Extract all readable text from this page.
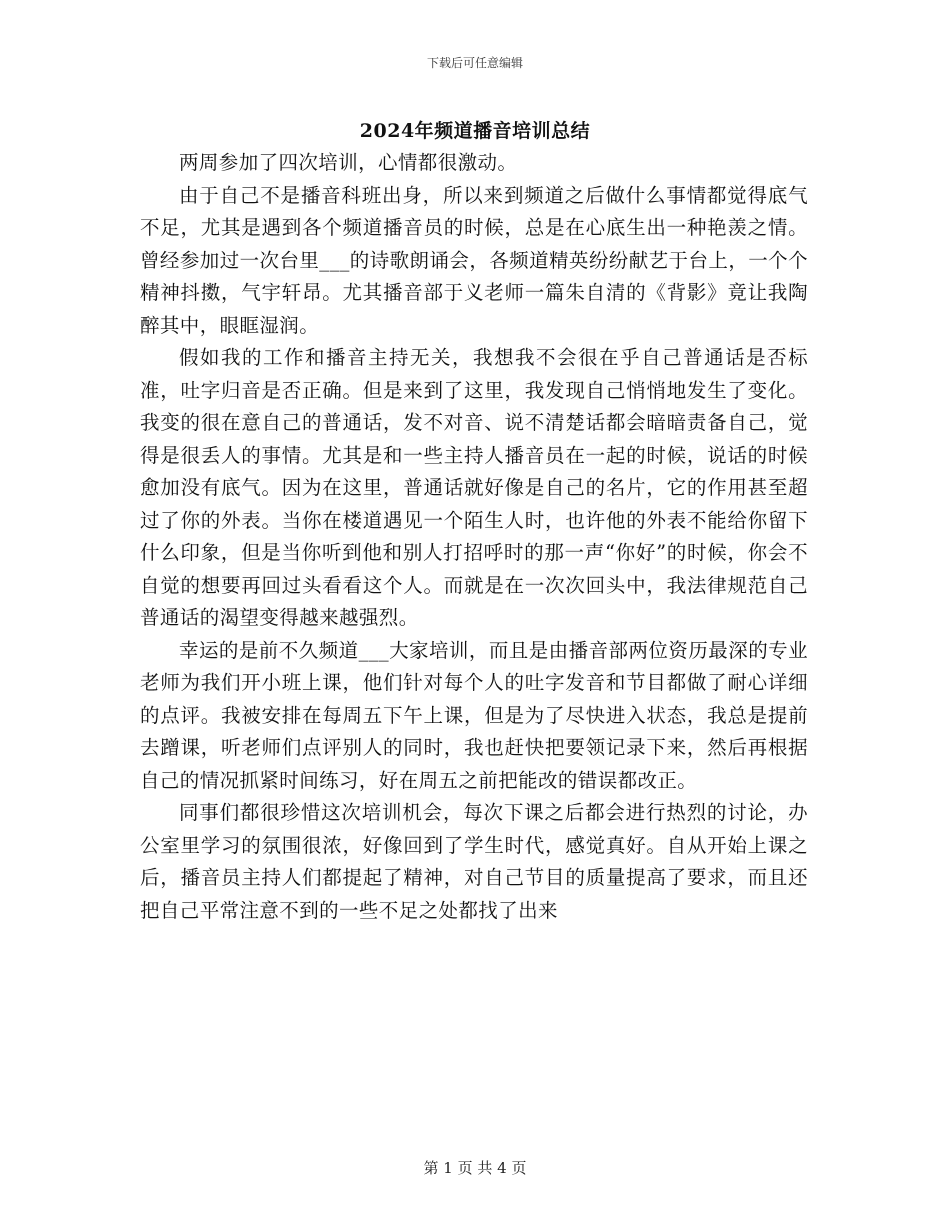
下载后可任意编辑
2024年频道播音培训总结

两周参加了四次培训，心情都很激动。

由于自己不是播音科班出身，所以来到频道之后做什么事情都觉得底气不足，尤其是遇到各个频道播音员的时候，总是在心底生出一种艳羡之情。曾经参加过一次台里___的诗歌朗诵会，各频道精英纷纷献艺于台上，一个个精神抖擞，气宇轩昂。尤其播音部于义老师一篇朱自清的《背影》竟让我陶醉其中，眼眶湿润。

假如我的工作和播音主持无关，我想我不会很在乎自己普通话是否标准，吐字归音是否正确。但是来到了这里，我发现自己悄悄地发生了变化。我变的很在意自己的普通话，发不对音、说不清楚话都会暗暗责备自己，觉得是很丢人的事情。尤其是和一些主持人播音员在一起的时候，说话的时候愈加没有底气。因为在这里，普通话就好像是自己的名片，它的作用甚至超过了你的外表。当你在楼道遇见一个陌生人时，也许他的外表不能给你留下什么印象，但是当你听到他和别人打招呼时的那一声“你好”的时候，你会不自觉的想要再回过头看看这个人。而就是在一次次回头中，我法律规范自己普通话的渴望变得越来越强烈。

幸运的是前不久频道___大家培训，而且是由播音部两位资历最深的专业老师为我们开小班上课，他们针对每个人的吐字发音和节目都做了耐心详细的点评。我被安排在每周五下午上课，但是为了尽快进入状态，我总是提前去蹭课，听老师们点评别人的同时，我也赶快把要领记录下来，然后再根据自己的情况抓紧时间练习，好在周五之前把能改的错误都改正。

同事们都很珍惜这次培训机会，每次下课之后都会进行热烈的讨论，办公室里学习的氛围很浓，好像回到了学生时代，感觉真好。自从开始上课之后，播音员主持人们都提起了精神，对自己节目的质量提高了要求，而且还把自己平常注意不到的一些不足之处都找了出来

第 1 页 共 4 页
